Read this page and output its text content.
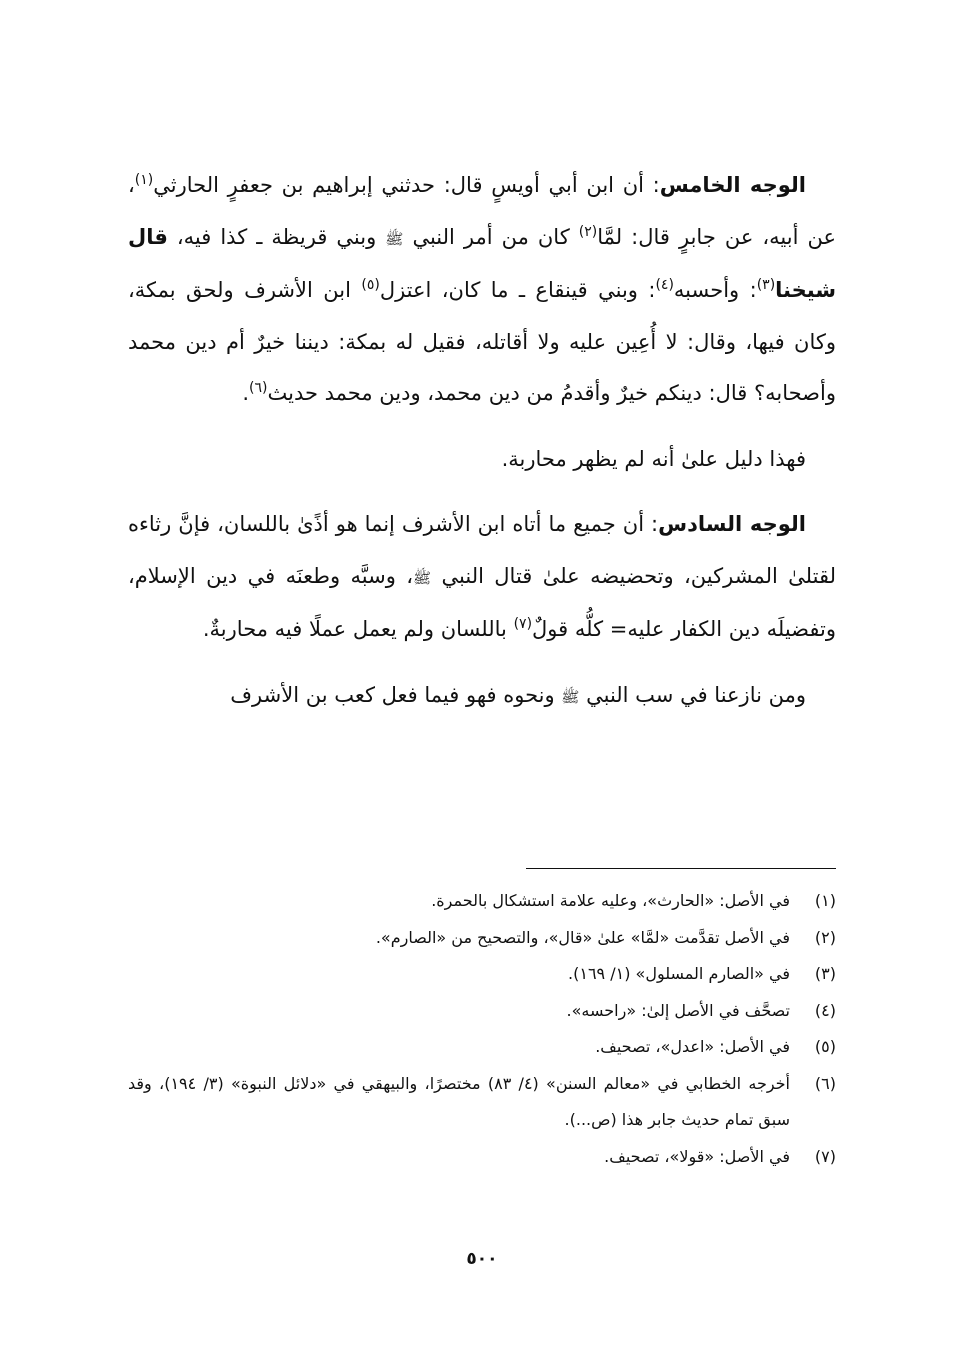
الوجه الخامس: أن ابن أبي أويسٍ قال: حدثني إبراهيم بن جعفرٍ الحارثي$^{(١)}$، عن أبيه، عن جابرٍ قال: لمَّا$^{(٢)}$ كان من أمر النبي ﷺ وبني قريظة ـ كذا فيه، قال شيخنا$^{(٣)}$: وأحسبه$^{(٤)}$: وبني قينقاع ـ ما كان، اعتزل$^{(٥)}$ ابن الأشرف ولحق بمكة، وكان فيها، وقال: لا أُعِين عليه ولا أقاتله، فقيل له بمكة: ديننا خيرٌ أم دين محمد وأصحابه؟ قال: دينكم خيرٌ وأقدمُ من دين محمد، ودين محمد حديث$^{(٦)}$.

فهذا دليل علىٰ أنه لم يظهر محاربة.

الوجه السادس: أن جميع ما أتاه ابن الأشرف إنما هو أذًىٰ باللسان، فإنَّ رثاءه لقتلىٰ المشركين، وتحضيضه علىٰ قتال النبي ﷺ، وسبَّه وطعنَه في دين الإسلام، وتفضيلَه دين الكفار عليه= كلُّه قولٌ$^{(٧)}$ باللسان ولم يعمل عملًا فيه محاربةٌ.

ومن نازعنا في سب النبي ﷺ ونحوه فهو فيما فعل كعب بن الأشرف

(١)
في الأصل: «الحارث»، وعليه علامة استشكال بالحمرة.
(٢)
في الأصل تقدَّمت «لمَّا» علىٰ «قال»، والتصحيح من «الصارم».
(٣)
في «الصارم المسلول» (١/ ١٦٩).
(٤)
تصحَّف في الأصل إلىٰ: «راحسه».
(٥)
في الأصل: «اعدل»، تصحيف.
(٦)
أخرجه الخطابي في «معالم السنن» (٤/ ٨٣) مختصرًا، والبيهقي في «دلائل النبوة» (٣/ ١٩٤)، وقد سبق تمام حديث جابر هذا (ص...).
(٧)
في الأصل: «قولا»، تصحيف.
٥٠٠
